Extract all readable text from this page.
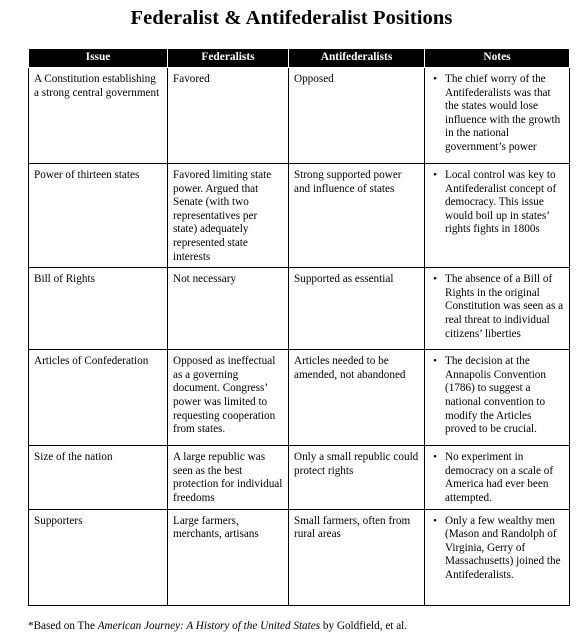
Federalist & Antifederalist Positions
Issue	Federalists	Antifederalists	Notes
A Constitution establishing a strong central government	Favored	Opposed	• The chief worry of the Antifederalists was that the states would lose influence with the growth in the national government’s power

Power of thirteen states	Favored limiting state power. Argued that Senate (with two representatives per state) adequately represented state interests	Strong supported power and influence of states	• Local control was key to Antifederalist concept of democracy. This issue would boil up in states’ rights fights in 1800s

Bill of Rights	Not necessary	Supported as essential	• The absence of a Bill of Rights in the original Constitution was seen as a real threat to individual citizens’ liberties

Articles of Confederation	Opposed as ineffectual as a governing document. Congress’ power was limited to requesting cooperation from states.	Articles needed to be amended, not abandoned	• The decision at the Annapolis Convention (1786) to suggest a national convention to modify the Articles proved to be crucial.

Size of the nation	A large republic was seen as the best protection for individual freedoms	Only a small republic could protect rights	• No experiment in democracy on a scale of America had ever been attempted.

Supporters	Large farmers, merchants, artisans	Small farmers, often from rural areas	• Only a few wealthy men (Mason and Randolph of Virginia, Gerry of Massachusetts) joined the Antifederalists.
*Based on The American Journey: A History of the United States by Goldfield, et al.
